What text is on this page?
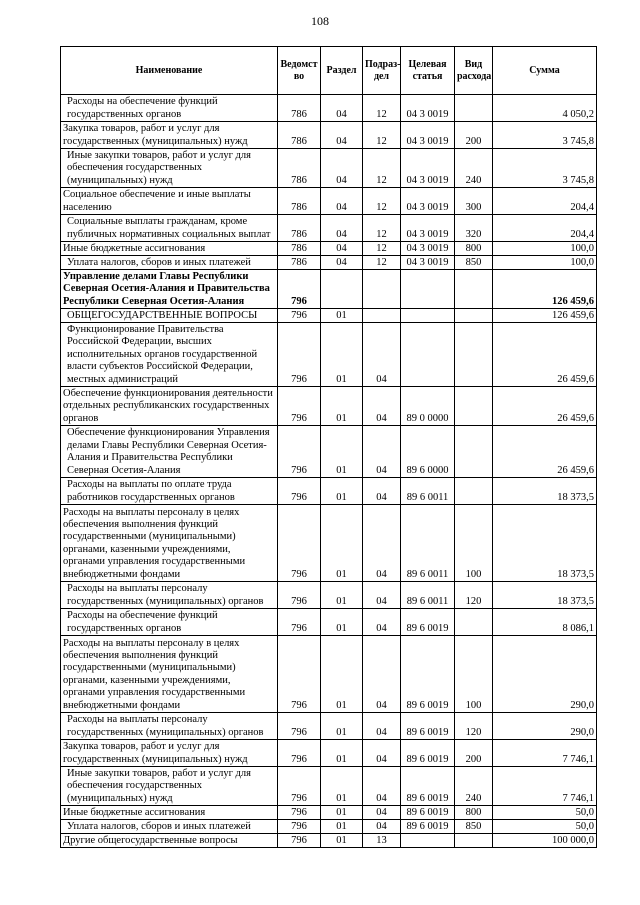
108
Наименование	Ведомст во	Раздел	Подраз- дел	Целевая статья	Вид расхода	Сумма
Расходы на обеспечение функций государственных органов	786	04	12	04 3 0019		4 050,2
Закупка товаров, работ и услуг для государственных (муниципальных) нужд	786	04	12	04 3 0019	200	3 745,8
Иные закупки товаров, работ и услуг для обеспечения государственных (муниципальных) нужд	786	04	12	04 3 0019	240	3 745,8
Социальное обеспечение и иные выплаты населению	786	04	12	04 3 0019	300	204,4
Социальные выплаты гражданам, кроме публичных нормативных социальных выплат	786	04	12	04 3 0019	320	204,4
Иные бюджетные ассигнования	786	04	12	04 3 0019	800	100,0
Уплата налогов, сборов и иных платежей	786	04	12	04 3 0019	850	100,0
Управление делами Главы Республики Северная Осетия-Алания и Правительства Республики Северная Осетия-Алания	796					126 459,6
ОБЩЕГОСУДАРСТВЕННЫЕ ВОПРОСЫ	796	01				126 459,6
Функционирование Правительства Российской Федерации, высших исполнительных органов государственной власти субъектов Российской Федерации, местных администраций	796	01	04			26 459,6
Обеспечение функционирования деятельности отдельных республиканских государственных органов	796	01	04	89 0 0000		26 459,6
Обеспечение функционирования Управления делами Главы Республики Северная Осетия-Алания и Правительства Республики Северная Осетия-Алания	796	01	04	89 6 0000		26 459,6
Расходы на выплаты по оплате труда работников государственных органов	796	01	04	89 6 0011		18 373,5
Расходы на выплаты персоналу в целях обеспечения выполнения функций государственными (муниципальными) органами, казенными учреждениями, органами управления государственными внебюджетными фондами	796	01	04	89 6 0011	100	18 373,5
Расходы на выплаты персоналу государственных (муниципальных) органов	796	01	04	89 6 0011	120	18 373,5
Расходы на обеспечение функций государственных органов	796	01	04	89 6 0019		8 086,1
Расходы на выплаты персоналу в целях обеспечения выполнения функций государственными (муниципальными) органами, казенными учреждениями, органами управления государственными внебюджетными фондами	796	01	04	89 6 0019	100	290,0
Расходы на выплаты персоналу государственных (муниципальных) органов	796	01	04	89 6 0019	120	290,0
Закупка товаров, работ и услуг для государственных (муниципальных) нужд	796	01	04	89 6 0019	200	7 746,1
Иные закупки товаров, работ и услуг для обеспечения государственных (муниципальных) нужд	796	01	04	89 6 0019	240	7 746,1
Иные бюджетные ассигнования	796	01	04	89 6 0019	800	50,0
Уплата налогов, сборов и иных платежей	796	01	04	89 6 0019	850	50,0
Другие общегосударственные вопросы	796	01	13			100 000,0
